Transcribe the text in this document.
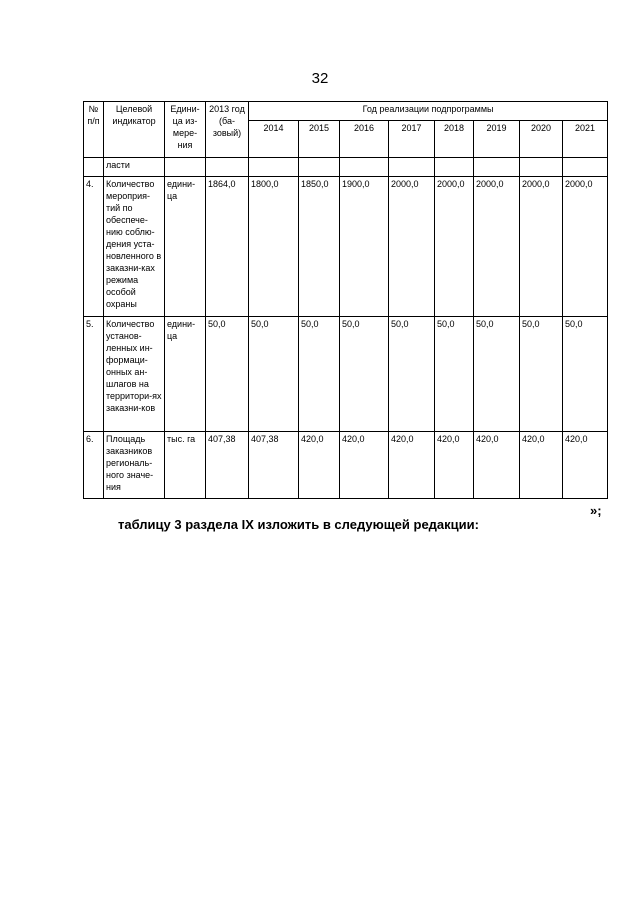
32
№ п/п	Целевой индикатор	Едини-ца из-мере-ния	2013 год (ба-зовый)	Год реализации подпрограммы							
				2014	2015	2016	2017	2018	2019	2020	2021
	ласти										
4.	Количество мероприя-тий по обеспече-нию соблю-дения уста-новленного в заказни-ках режима особой охраны	едини-ца	1864,0	1800,0	1850,0	1900,0	2000,0	2000,0	2000,0	2000,0	2000,0
5.	Количество установ-ленных ин-формаци-онных ан-шлагов на территори-ях заказни-ков	едини-ца	50,0	50,0	50,0	50,0	50,0	50,0	50,0	50,0	50,0
6.	Площадь заказников региональ-ного значе-ния	тыс. га	407,38	407,38	420,0	420,0	420,0	420,0	420,0	420,0	420,0
»;
таблицу 3 раздела IX изложить в следующей редакции:
